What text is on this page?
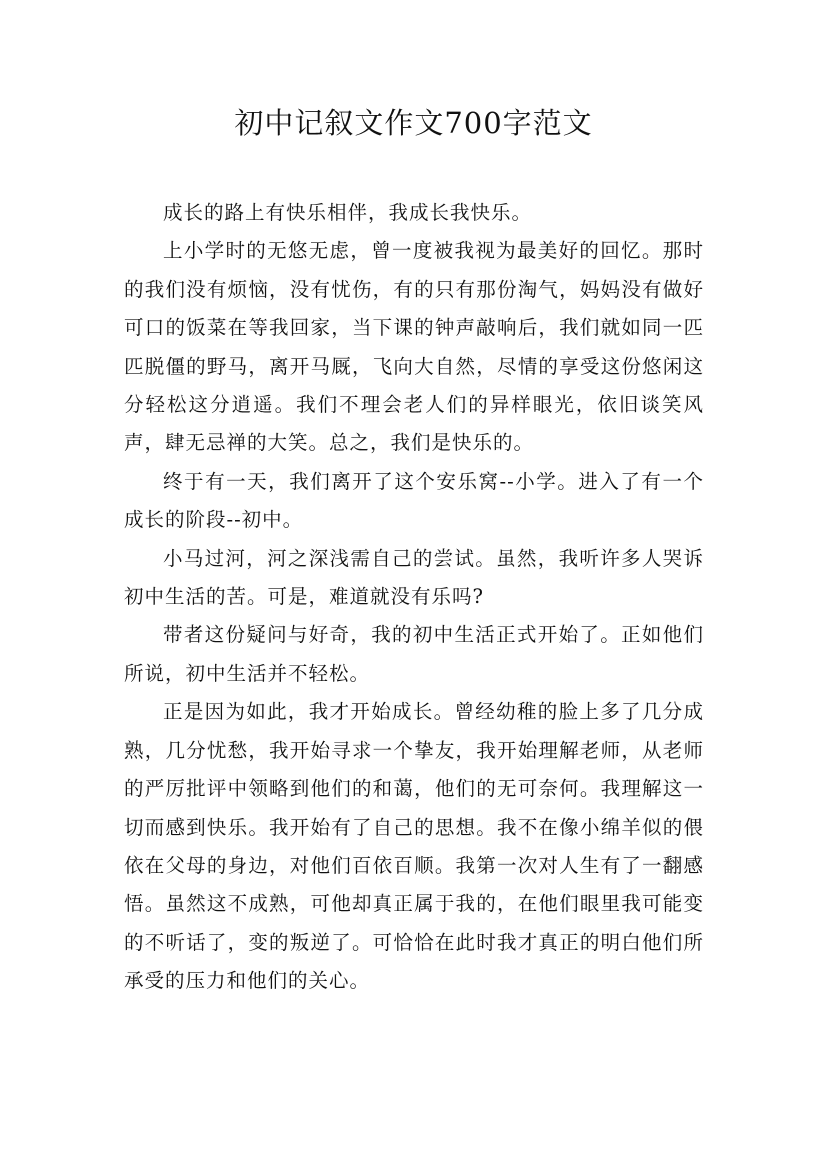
初中记叙文作文700字范文

成长的路上有快乐相伴，我成长我快乐。

上小学时的无悠无虑，曾一度被我视为最美好的回忆。那时的我们没有烦恼，没有忧伤，有的只有那份淘气，妈妈没有做好可口的饭菜在等我回家，当下课的钟声敲响后，我们就如同一匹匹脱僵的野马，离开马厩，飞向大自然，尽情的享受这份悠闲这分轻松这分逍遥。我们不理会老人们的异样眼光，依旧谈笑风声，肆无忌禅的大笑。总之，我们是快乐的。

终于有一天，我们离开了这个安乐窝--小学。进入了有一个成长的阶段--初中。

小马过河，河之深浅需自己的尝试。虽然，我听许多人哭诉初中生活的苦。可是，难道就没有乐吗?

带者这份疑问与好奇，我的初中生活正式开始了。正如他们所说，初中生活并不轻松。

正是因为如此，我才开始成长。曾经幼稚的脸上多了几分成熟，几分忧愁，我开始寻求一个挚友，我开始理解老师，从老师的严厉批评中领略到他们的和蔼，他们的无可奈何。我理解这一切而感到快乐。我开始有了自己的思想。我不在像小绵羊似的偎依在父母的身边，对他们百依百顺。我第一次对人生有了一翻感悟。虽然这不成熟，可他却真正属于我的，在他们眼里我可能变的不听话了，变的叛逆了。可恰恰在此时我才真正的明白他们所承受的压力和他们的关心。
